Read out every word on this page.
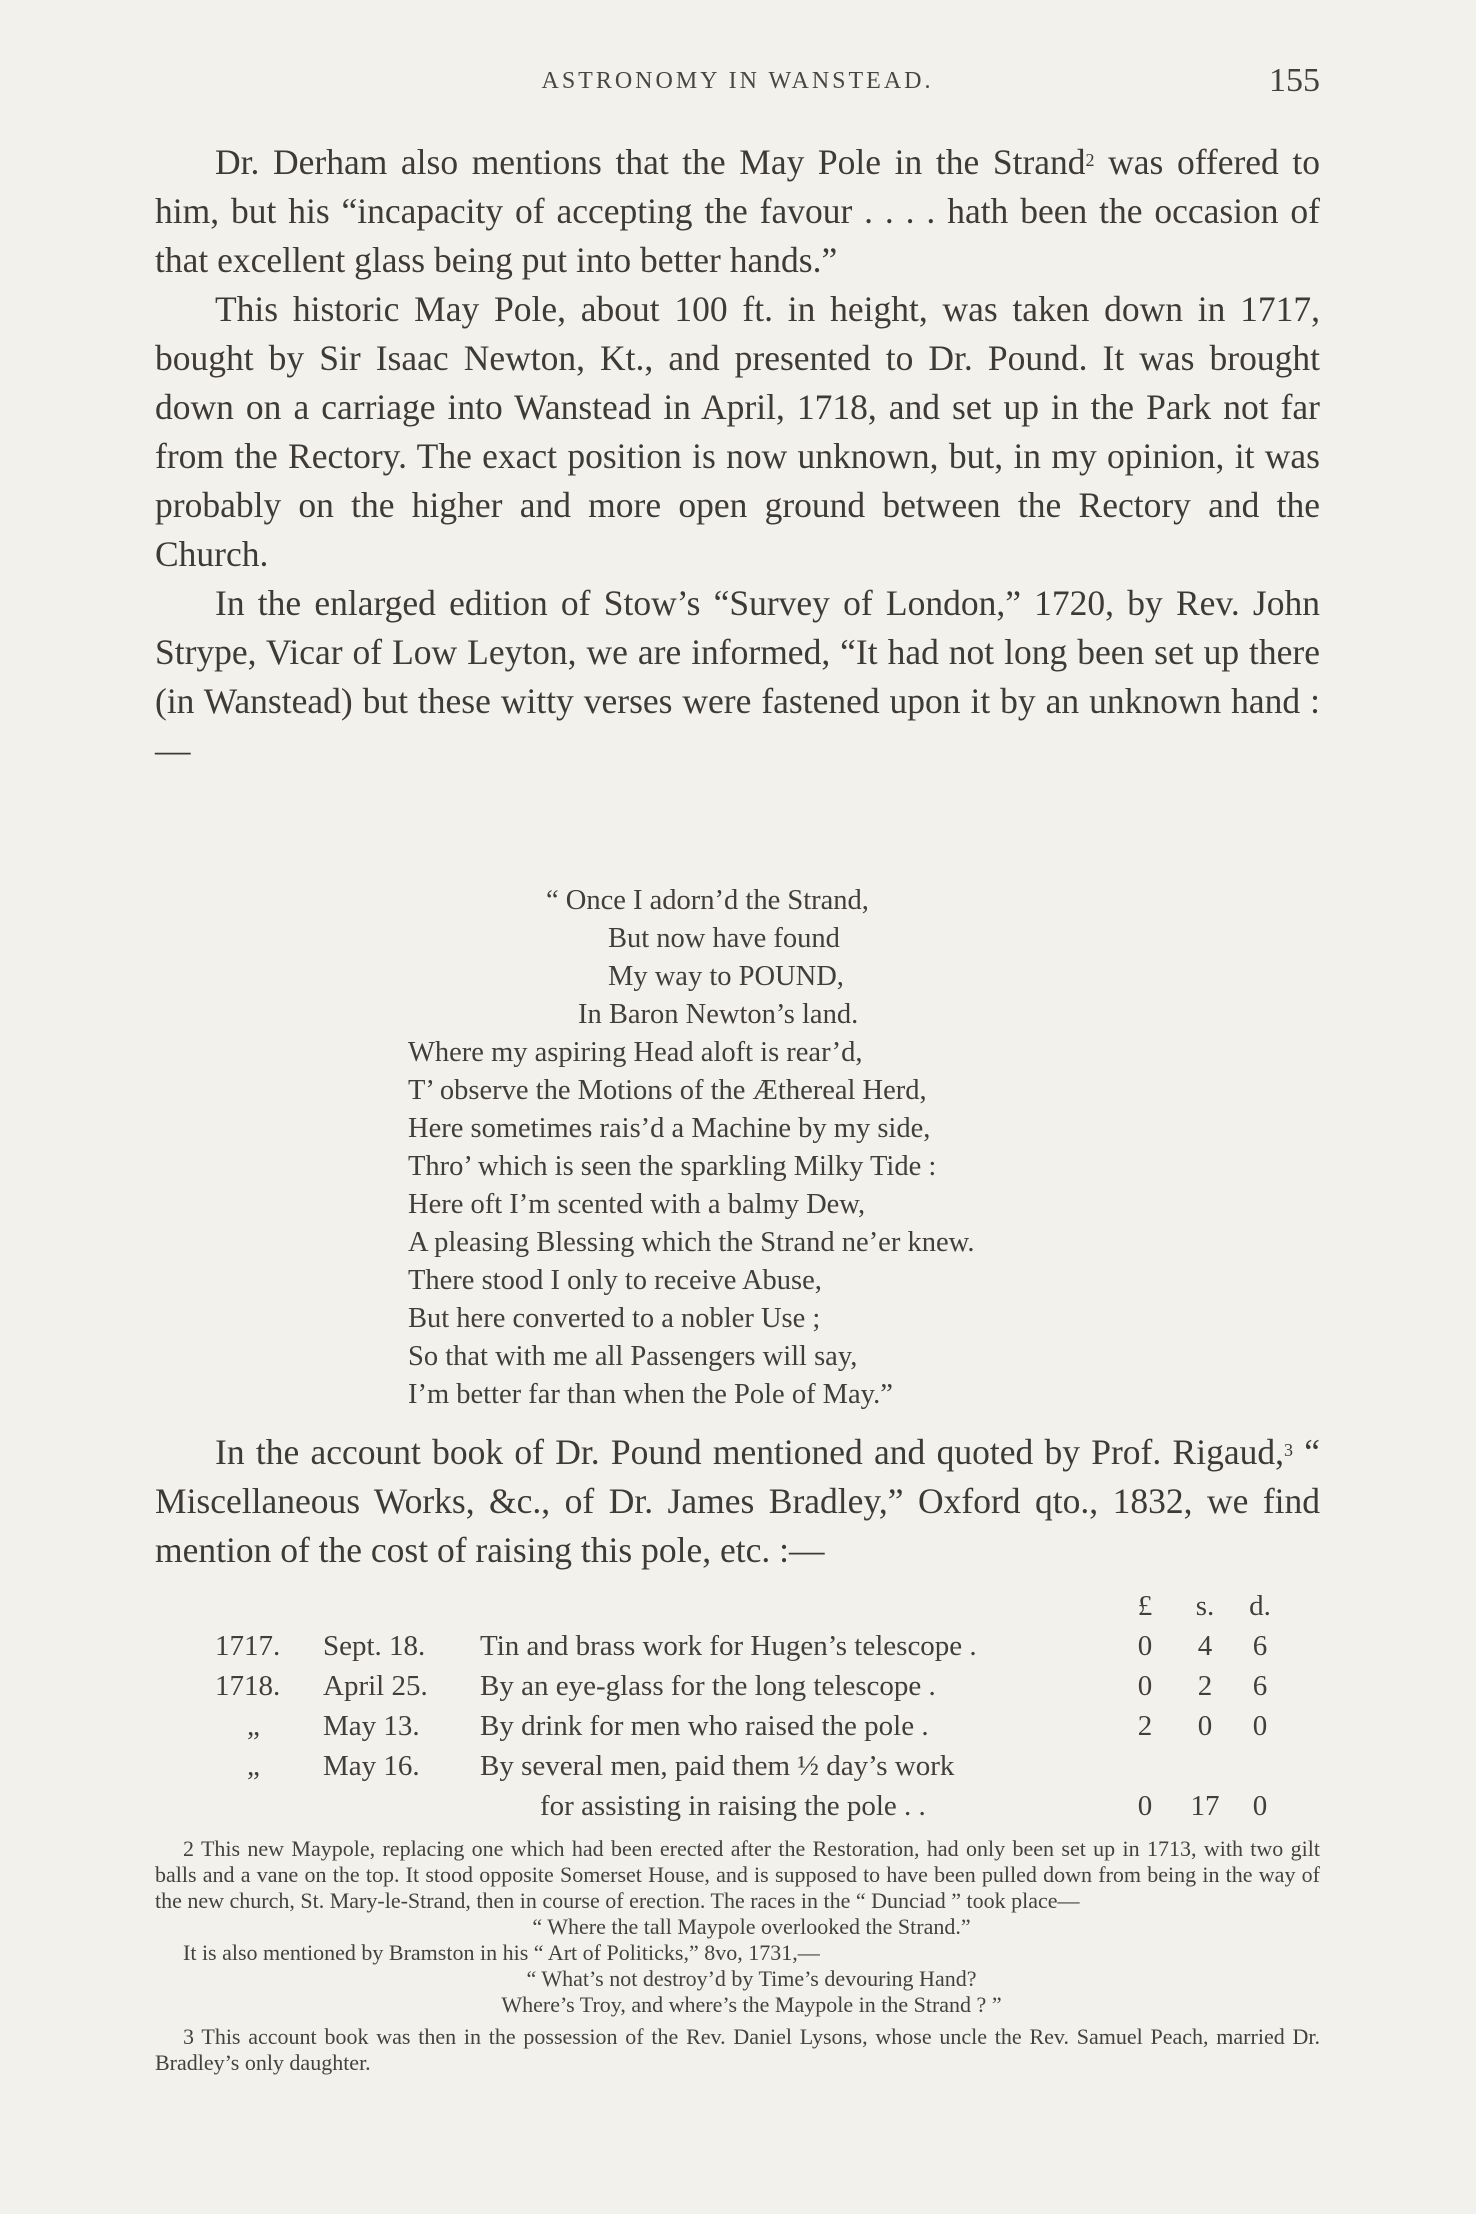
ASTRONOMY IN WANSTEAD.	155

Dr. Derham also mentions that the May Pole in the Strand$^2$ was offered to him, but his “incapacity of accepting the favour . . . . hath been the occasion of that excellent glass being put into better hands.”

This historic May Pole, about 100 ft. in height, was taken down in 1717, bought by Sir Isaac Newton, Kt., and presented to Dr. Pound. It was brought down on a carriage into Wanstead in April, 1718, and set up in the Park not far from the Rectory. The exact position is now unknown, but, in my opinion, it was probably on the higher and more open ground between the Rectory and the Church.

In the enlarged edition of Stow’s “Survey of London,” 1720, by Rev. John Strype, Vicar of Low Leyton, we are informed, “It had not long been set up there (in Wanstead) but these witty verses were fastened upon it by an unknown hand :—

“ Once I adorn’d the Strand,
But now have found
My way to POUND,
In Baron Newton’s land.
Where my aspiring Head aloft is rear’d,
T’ observe the Motions of the Æthereal Herd,
Here sometimes rais’d a Machine by my side,
Thro’ which is seen the sparkling Milky Tide :
Here oft I’m scented with a balmy Dew,
A pleasing Blessing which the Strand ne’er knew.
There stood I only to receive Abuse,
But here converted to a nobler Use ;
So that with me all Passengers will say,
I’m better far than when the Pole of May.”

In the account book of Dr. Pound mentioned and quoted by Prof. Rigaud,$^3$ “ Miscellaneous Works, &c., of Dr. James Bradley,” Oxford qto., 1832, we find mention of the cost of raising this pole, etc. :—

£	s.	d.
1717. Sept. 18. Tin and brass work for Hugen’s telescope .	0	4	6
1718. April 25. By an eye-glass for the long telescope .	0	2	6
„ May 13. By drink for men who raised the pole .	2	0	0
„ May 16. By several men, paid them ½ day’s work
for assisting in raising the pole . .	0	17	0

2 This new Maypole, replacing one which had been erected after the Restoration, had only been set up in 1713, with two gilt balls and a vane on the top. It stood opposite Somerset House, and is supposed to have been pulled down from being in the way of the new church, St. Mary-le-Strand, then in course of erection. The races in the “ Dunciad ” took place—
“ Where the tall Maypole overlooked the Strand.”

It is also mentioned by Bramston in his “ Art of Politicks,” 8vo, 1731,—
“ What’s not destroy’d by Time’s devouring Hand?
Where’s Troy, and where’s the Maypole in the Strand ? ”

3 This account book was then in the possession of the Rev. Daniel Lysons, whose uncle the Rev. Samuel Peach, married Dr. Bradley’s only daughter.
